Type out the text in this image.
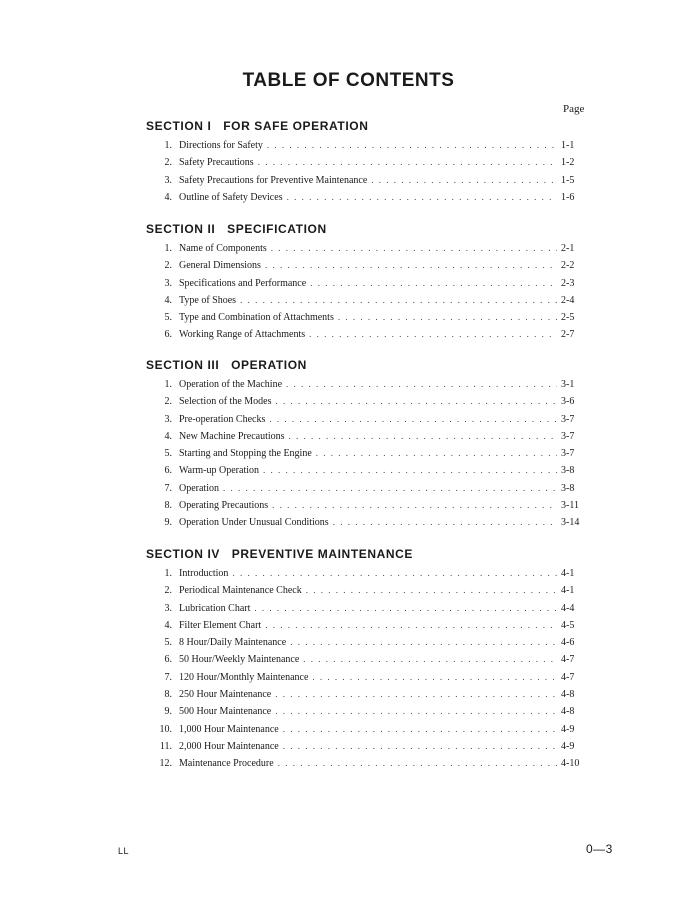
TABLE OF CONTENTS
Page
SECTION I   FOR SAFE OPERATION
1. Directions for Safety . . .	1-1
2. Safety Precautions . . .	1-2
3. Safety Precautions for Preventive Maintenance . . .	1-5
4. Outline of Safety Devices . . .	1-6
SECTION II   SPECIFICATION
1. Name of Components . . .	2-1
2. General Dimensions . . .	2-2
3. Specifications and Performance . . .	2-3
4. Type of Shoes . . .	2-4
5. Type and Combination of Attachments . . .	2-5
6. Working Range of Attachments . . .	2-7
SECTION III   OPERATION
1. Operation of the Machine . . .	3-1
2. Selection of the Modes . . .	3-6
3. Pre-operation Checks . . .	3-7
4. New Machine Precautions . . .	3-7
5. Starting and Stopping the Engine . . .	3-7
6. Warm-up Operation . . .	3-8
7. Operation . . .	3-8
8. Operating Precautions . . .	3-11
9. Operation Under Unusual Conditions . . .	3-14
SECTION IV   PREVENTIVE MAINTENANCE
1. Introduction . . .	4-1
2. Periodical Maintenance Check . . .	4-1
3. Lubrication Chart . . .	4-4
4. Filter Element Chart . . .	4-5
5. 8 Hour/Daily Maintenance . . .	4-6
6. 50 Hour/Weekly Maintenance . . .	4-7
7. 120 Hour/Monthly Maintenance . . .	4-7
8. 250 Hour Maintenance . . .	4-8
9. 500 Hour Maintenance . . .	4-8
10. 1,000 Hour Maintenance . . .	4-9
11. 2,000 Hour Maintenance . . .	4-9
12. Maintenance Procedure . . .	4-10
LL	0—3
